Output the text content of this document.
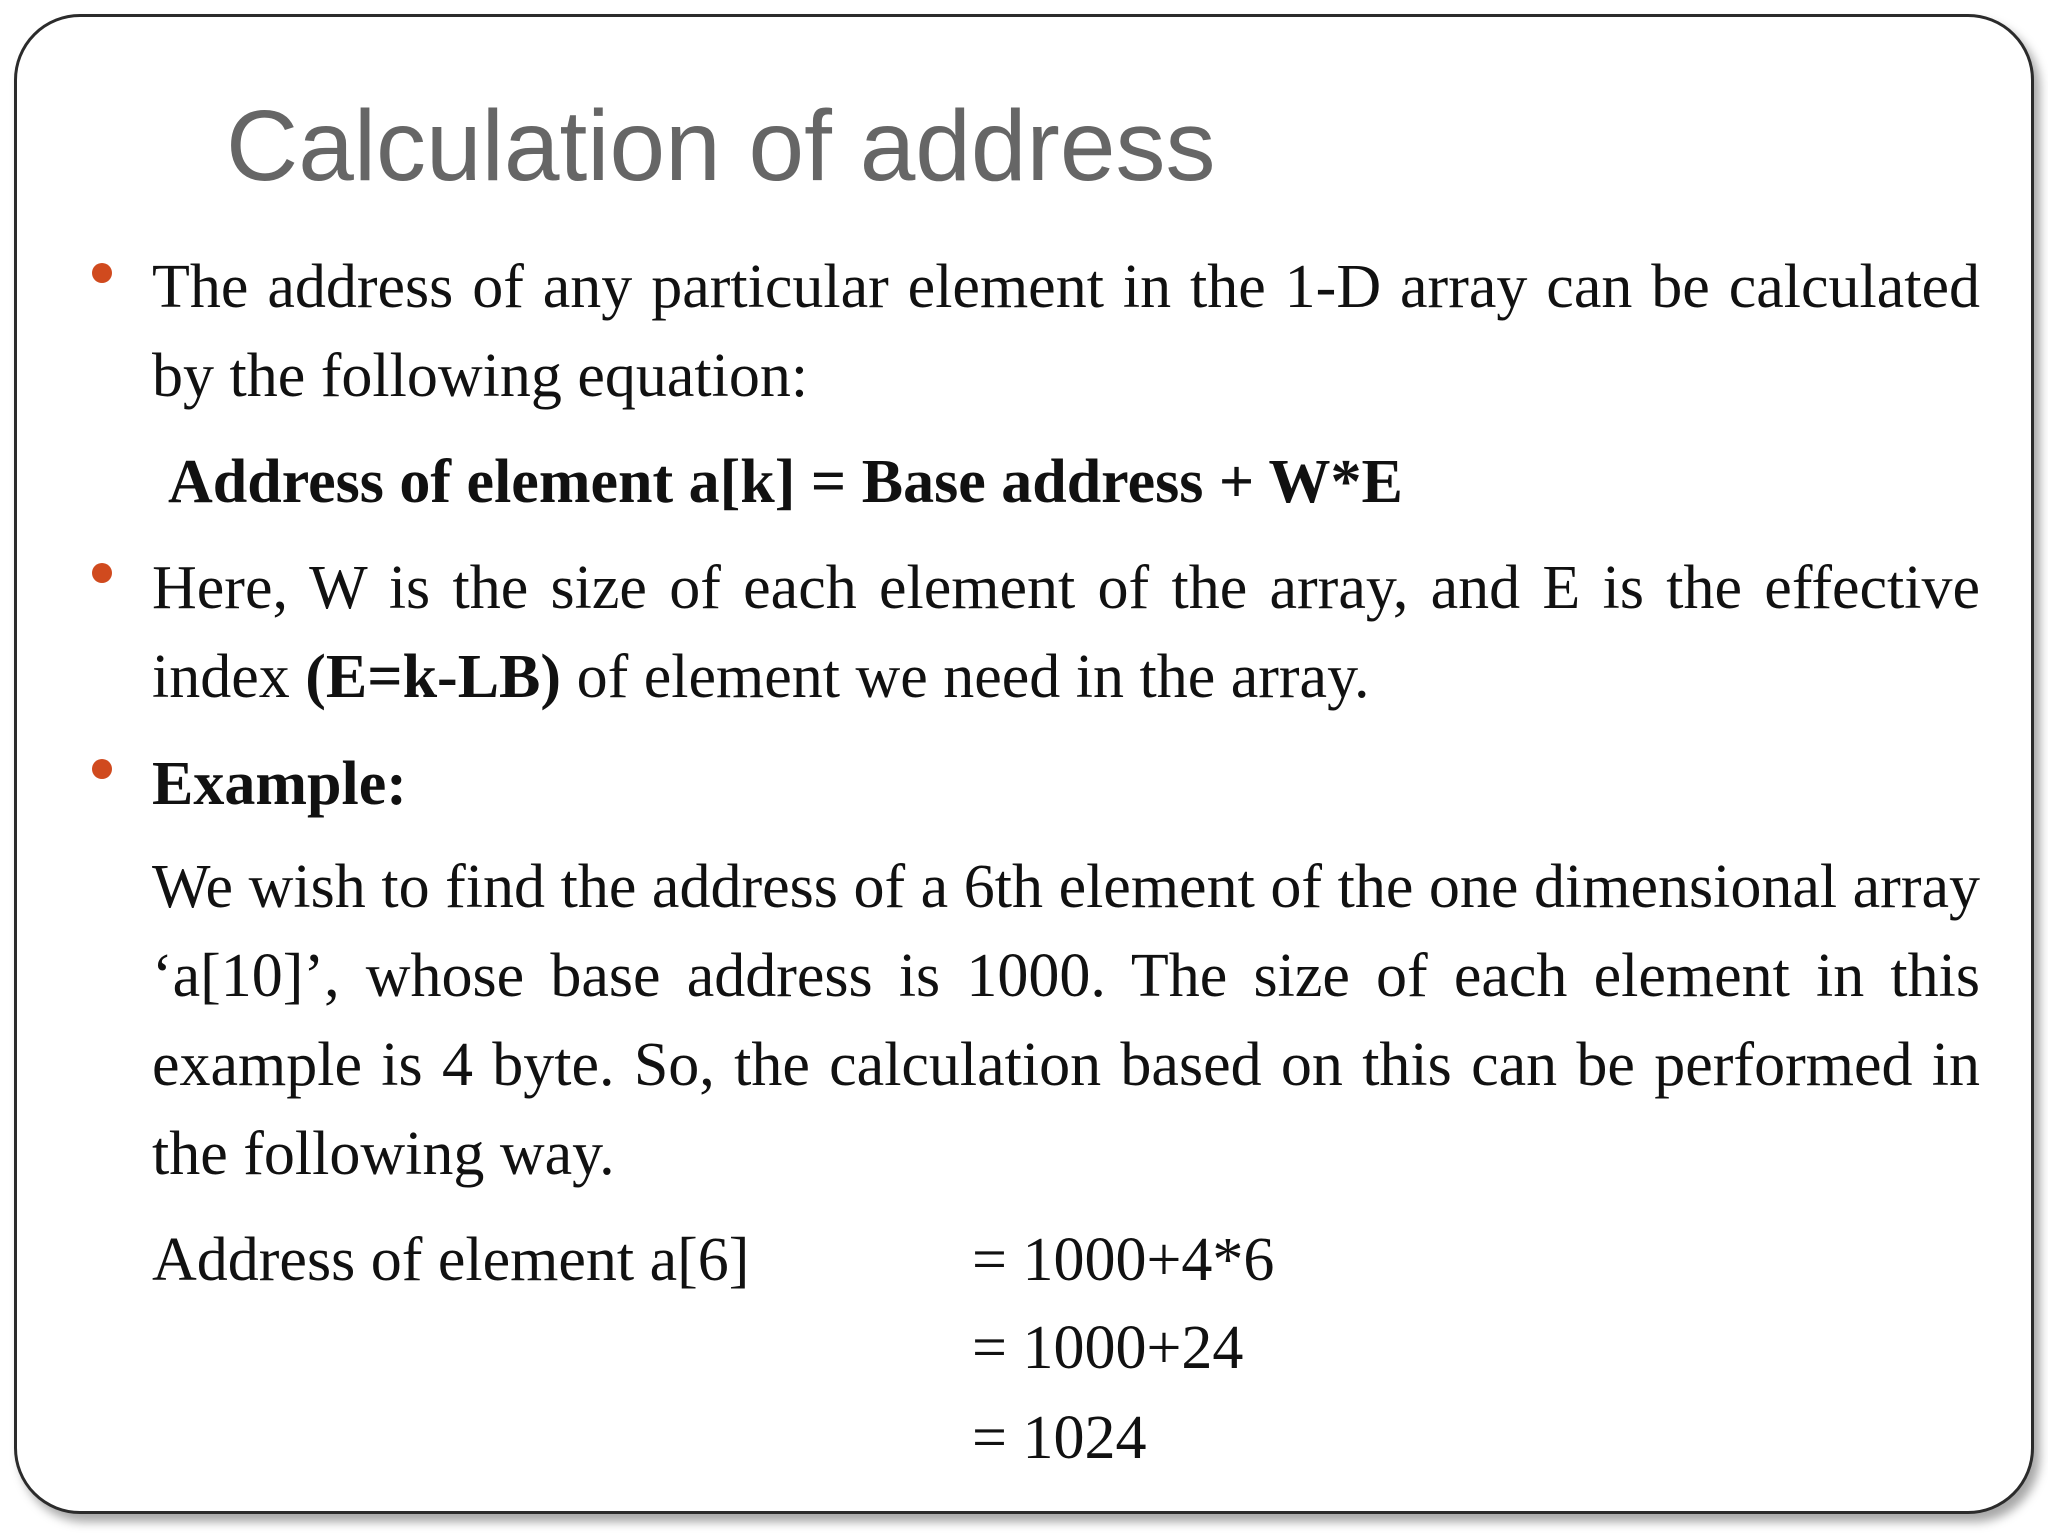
Calculation of address
The address of any particular element in the 1-D array can be calculated by the following equation:
Address of element a[k] = Base address + W*E
Here, W is the size of each element of the array, and E is the effective index (E=k-LB) of element we need in the array.
Example:
We wish to find the address of a 6th element of the one dimensional array ‘a[10]’, whose base address is 1000. The size of each element in this example is 4 byte. So, the calculation based on this can be performed in the following way.
Address of element a[6]	= 1000+4*6
= 1000+24
= 1024
